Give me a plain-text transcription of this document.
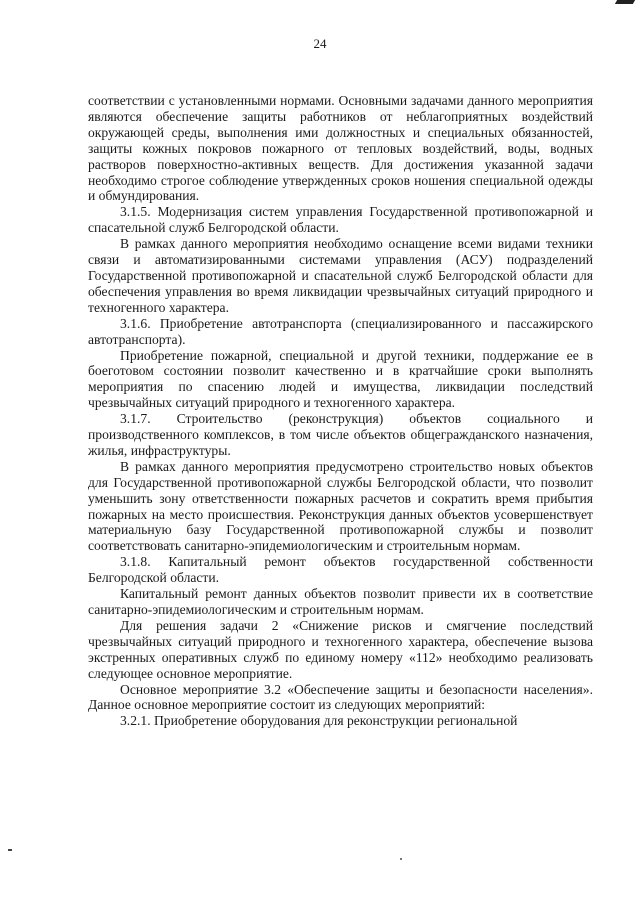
24

соответствии с установленными нормами. Основными задачами данного мероприятия являются обеспечение защиты работников от неблагоприятных воздействий окружающей среды, выполнения ими должностных и специальных обязанностей, защиты кожных покровов пожарного от тепловых воздействий, воды, водных растворов поверхностно-активных веществ. Для достижения указанной задачи необходимо строгое соблюдение утвержденных сроков ношения специальной одежды и обмундирования.

3.1.5. Модернизация систем управления Государственной противопожарной и спасательной служб Белгородской области.

В рамках данного мероприятия необходимо оснащение всеми видами техники связи и автоматизированными системами управления (АСУ) подразделений Государственной противопожарной и спасательной служб Белгородской области для обеспечения управления во время ликвидации чрезвычайных ситуаций природного и техногенного характера.

3.1.6. Приобретение автотранспорта (специализированного и пассажирского автотранспорта).

Приобретение пожарной, специальной и другой техники, поддержание ее в боеготовом состоянии позволит качественно и в кратчайшие сроки выполнять мероприятия по спасению людей и имущества, ликвидации последствий чрезвычайных ситуаций природного и техногенного характера.

3.1.7. Строительство (реконструкция) объектов социального и производственного комплексов, в том числе объектов общегражданского назначения, жилья, инфраструктуры.

В рамках данного мероприятия предусмотрено строительство новых объектов для Государственной противопожарной службы Белгородской области, что позволит уменьшить зону ответственности пожарных расчетов и сократить время прибытия пожарных на место происшествия. Реконструкция данных объектов усовершенствует материальную базу Государственной противопожарной службы и позволит соответствовать санитарно-эпидемиологическим и строительным нормам.

3.1.8. Капитальный ремонт объектов государственной собственности Белгородской области.

Капитальный ремонт данных объектов позволит привести их в соответствие санитарно-эпидемиологическим и строительным нормам.

Для решения задачи 2 «Снижение рисков и смягчение последствий чрезвычайных ситуаций природного и техногенного характера, обеспечение вызова экстренных оперативных служб по единому номеру «112» необходимо реализовать следующее основное мероприятие.

Основное мероприятие 3.2 «Обеспечение защиты и безопасности населения». Данное основное мероприятие состоит из следующих мероприятий:

3.2.1. Приобретение оборудования для реконструкции региональной
